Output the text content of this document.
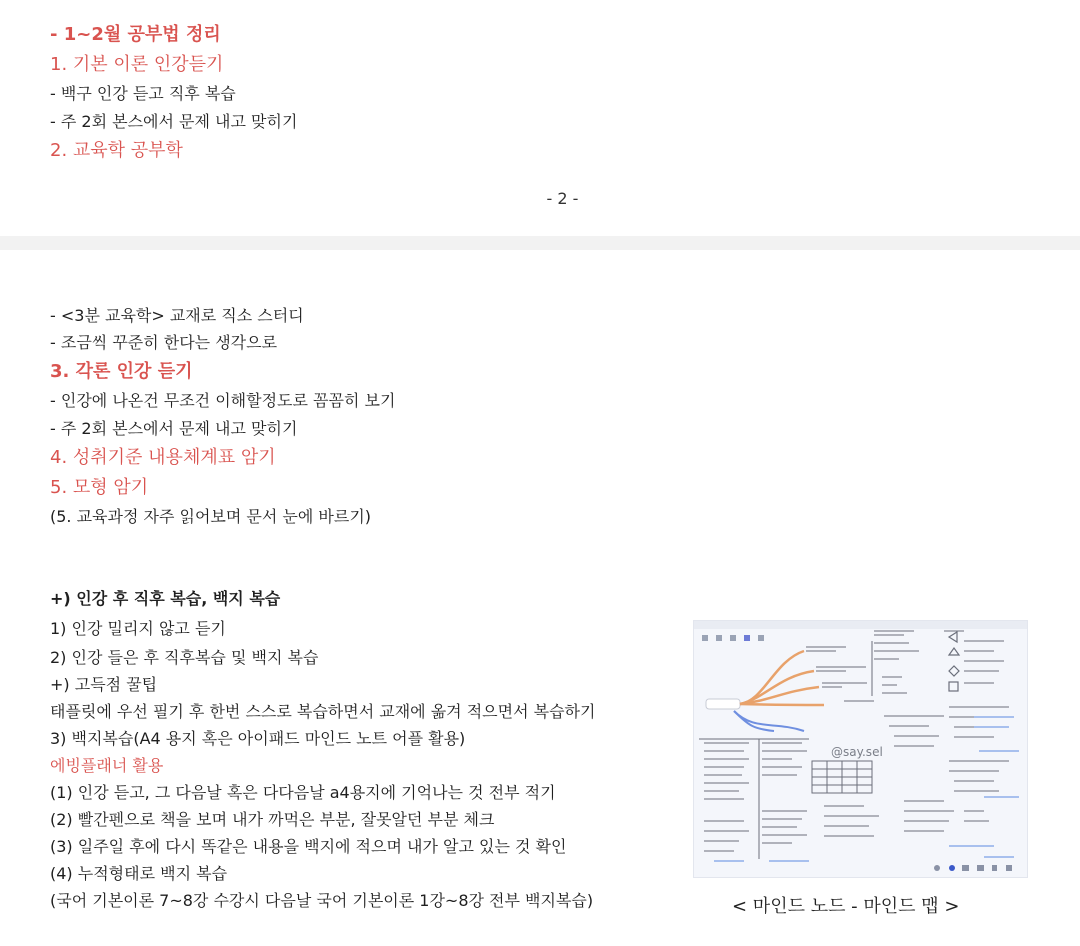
- 1~2월 공부법 정리
1. 기본 이론 인강듣기
- 백구 인강 듣고 직후 복습
- 주 2회 본스에서 문제 내고 맞히기
2. 교육학 공부학
- 2 -
- <3분 교육학> 교재로 직소 스터디
- 조금씩 꾸준히 한다는 생각으로
3. 각론 인강 듣기
- 인강에 나온건 무조건 이해할정도로 꼼꼼히 보기
- 주 2회 본스에서 문제 내고 맞히기
4. 성취기준 내용체계표 암기
5. 모형 암기
(5. 교육과정 자주 읽어보며 문서 눈에 바르기)
+) 인강 후 직후 복습, 백지 복습
1) 인강 밀리지 않고 듣기
2) 인강 들은 후 직후복습 및 백지 복습
+) 고득점 꿀팁
태플릿에 우선 필기 후 한번 스스로 복습하면서 교재에 옮겨 적으면서 복습하기
3) 백지복습(A4 용지 혹은 아이패드 마인드 노트 어플 활용)
에빙플래너 활용
(1) 인강 듣고, 그 다음날 혹은 다다음날 a4용지에 기억나는 것 전부 적기
(2) 빨간펜으로 책을 보며 내가 까먹은 부분, 잘못알던 부분 체크
(3) 일주일 후에 다시 똑같은 내용을 백지에 적으며 내가 알고 있는 것 확인
(4) 누적형태로 백지 복습
(국어 기본이론 7~8강 수강시 다음날 국어 기본이론 1강~8강 전부 백지복습)
@say.sel
< 마인드 노드 - 마인드 맵 >
